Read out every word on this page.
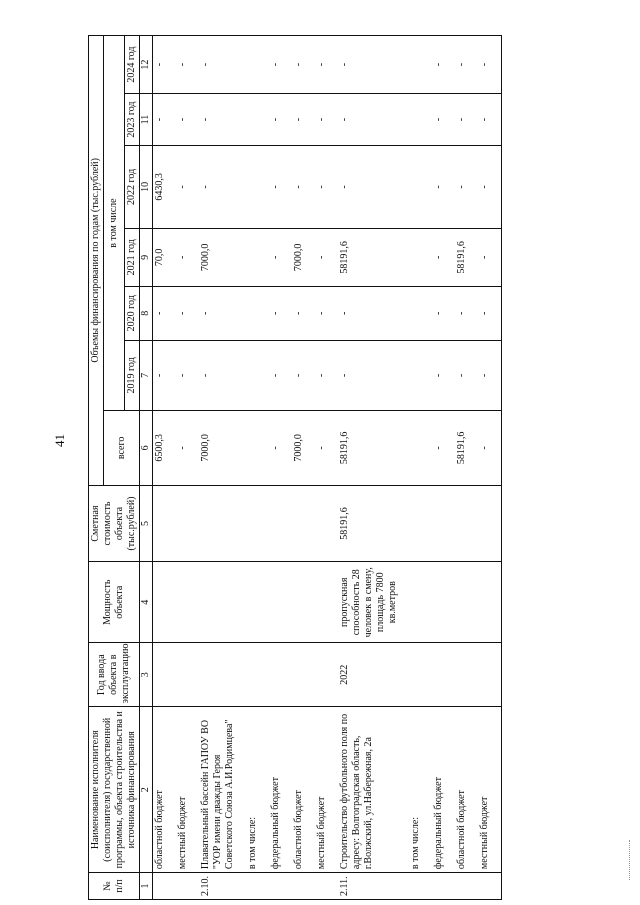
41
№ п/п	Наименование исполнителя (соисполнителя) государственной программы, объекта строительства и источника финансирования	Год ввода объекта в эксплуатацию	Мощность объекта	Сметная стоимость объекта (тыс.рублей)	Объемы финансирования по годам (тыс.рублей)						
					всего	в том числе					
						2019 год	2020 год	2021 год	2022 год	2023 год	2024 год
1	2	3	4	5	6	7	8	9	10	11	12
	областной бюджет				6500,3	-	-	70,0	6430,3	-	-
	местный бюджет				-	-	-	-	-	-	-
2.10.	Плавательный бассейн ГАПОУ ВО "УОР имени дважды Героя Советского Союза А.И.Родимцева"				7000,0	-	-	7000,0	-	-	-
	в том числе:										
	федеральный бюджет				-	-	-	-	-	-	-
	областной бюджет				7000,0	-	-	7000,0	-	-	-
	местный бюджет				-	-	-	-	-	-	-
2.11.	Строительство футбольного поля по адресу: Волгоградская область, г.Волжский, ул.Набережная, 2а	2022	пропускная способность 28 человек в смену, площадь 7800 кв.метров	58191,6	58191,6	-	-	58191,6	-	-	-
	в том числе:										
	федеральный бюджет				-	-	-	-	-	-	-
	областной бюджет				58191,6	-	-	58191,6	-	-	-
	местный бюджет				-	-	-	-	-	-	-
